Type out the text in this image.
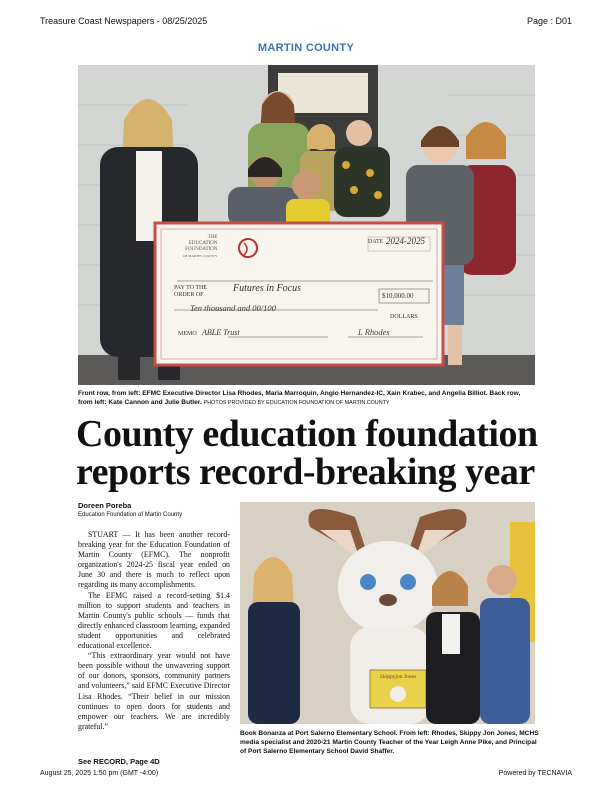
Treasure Coast Newspapers - 08/25/2025	Page : D01
MARTIN COUNTY
THE
EDUCATION
FOUNDATION
OF MARTIN COUNTY
DATE 2024-2025
PAY TO THE
ORDER OF
Futures in Focus
$10,000.00
Ten thousand and 00/100
DOLLARS
MEMO ABLE Trust	L Rhodes
Front row, from left: EFMC Executive Director Lisa Rhodes, Maria Marroquin, Angio Hernandez-IC, Xain Krabec, and Angelia Billiot. Back row, from left: Kate Cannon and Julie Butler. PHOTOS PROVIDED BY EDUCATION FOUNDATION OF MARTIN COUNTY
County education foundation
reports record-breaking year
Doreen Poreba
Education Foundation of Martin County

STUART — It has been another record-breaking year for the Education Foundation of Martin County (EFMC). The nonprofit organization's 2024-25 fiscal year ended on June 30 and there is much to reflect upon regarding its many accomplishments.

The EFMC raised a record-setting $1.4 million to support students and teachers in Martin County's public schools — funds that directly enhanced classroom learning, expanded student opportunities and celebrated educational excellence.

“This extraordinary year would not have been possible without the unwavering support of our donors, sponsors, community partners and volunteers,” said EFMC Executive Director Lisa Rhodes. “Their belief in our mission continues to open doors for students and empower our teachers. We are incredibly grateful.”

See RECORD, Page 4D
Skippyjon Jones
Book Bonanza at Port Salerno Elementary School. From left: Rhodes, Skippy Jon Jones, MCHS media specialist and 2020-21 Martin County Teacher of the Year Leigh Anne Pike, and Principal of Port Salerno Elementary School David Shaffer.
August 25, 2025 1:50 pm (GMT -4:00)	Powered by TECNAVIA
